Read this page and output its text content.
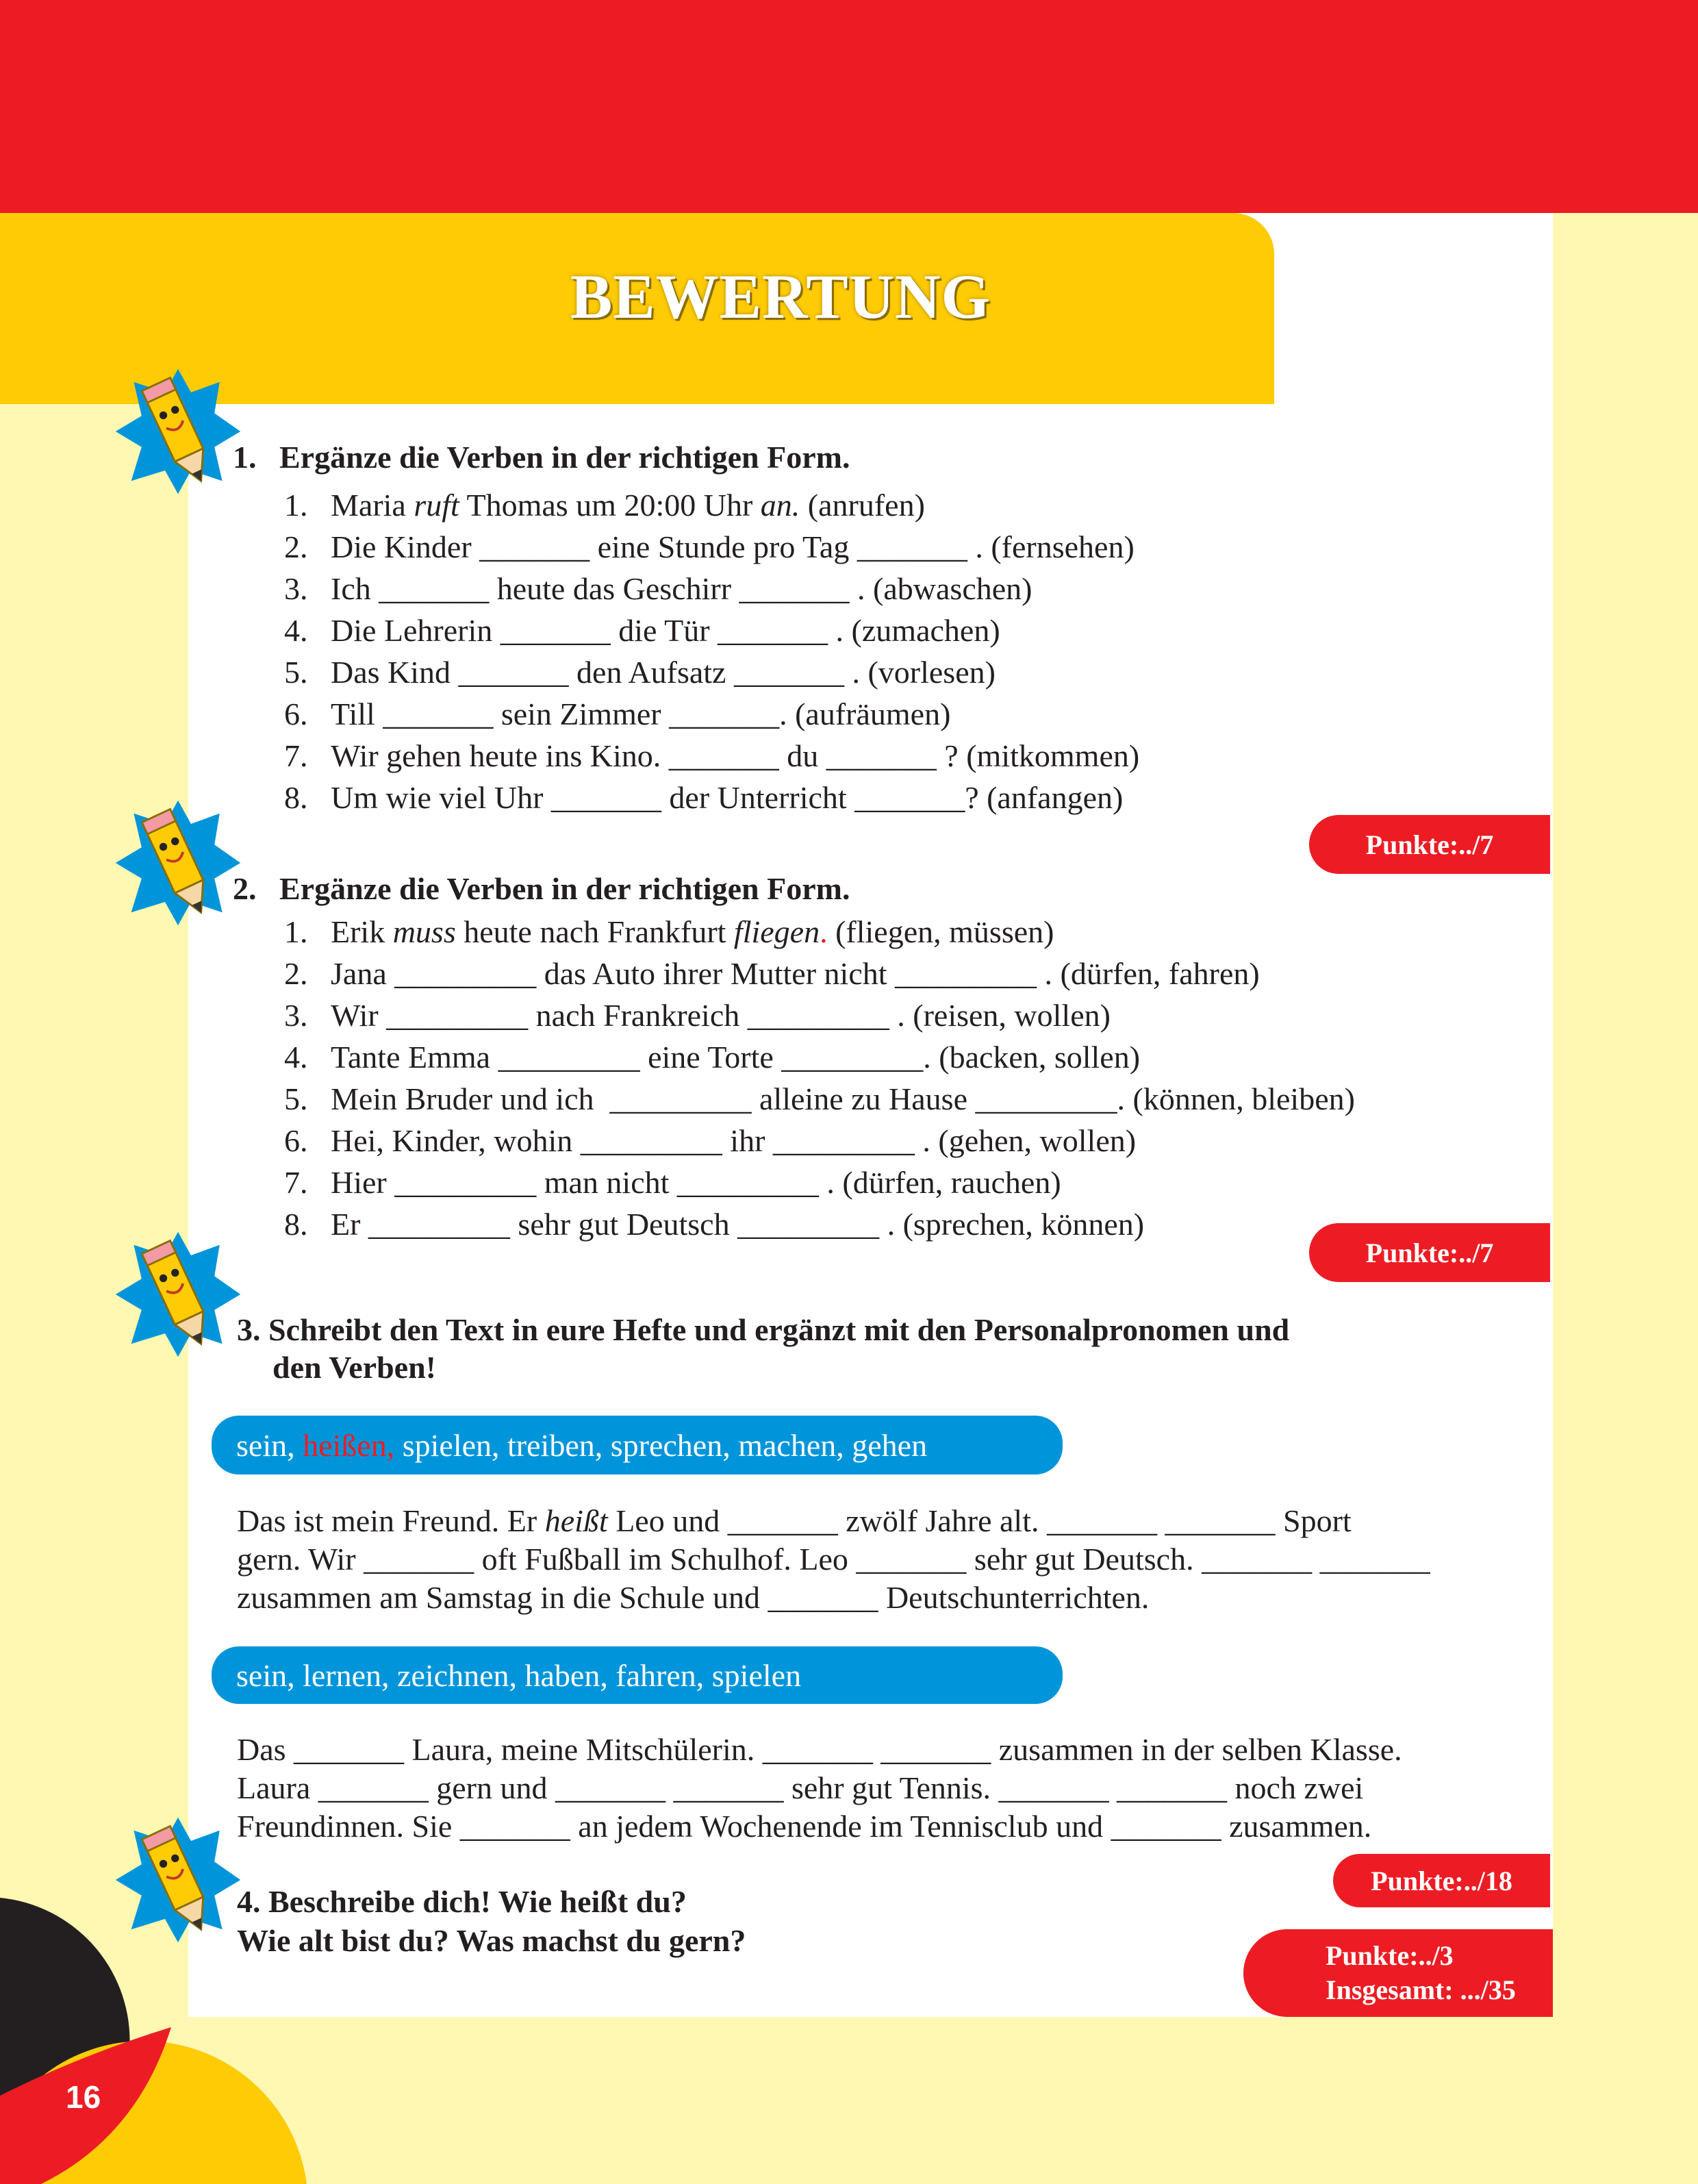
BEWERTUNG
1. Ergänze die Verben in der richtigen Form.
1. Maria ruft Thomas um 20:00 Uhr an. (anrufen)
2. Die Kinder _______ eine Stunde pro Tag _______ . (fernsehen)
3. Ich _______ heute das Geschirr _______ . (abwaschen)
4. Die Lehrerin _______ die Tür _______ . (zumachen)
5. Das Kind _______ den Aufsatz _______ . (vorlesen)
6. Till _______ sein Zimmer _______. (aufräumen)
7. Wir gehen heute ins Kino. _______ du _______ ? (mitkommen)
8. Um wie viel Uhr _______ der Unterricht _______? (anfangen)
Punkte:../7
2. Ergänze die Verben in der richtigen Form.
1. Erik muss heute nach Frankfurt fliegen. (fliegen, müssen)
2. Jana _________ das Auto ihrer Mutter nicht _________ . (dürfen, fahren)
3. Wir _________ nach Frankreich _________ . (reisen, wollen)
4. Tante Emma _________ eine Torte _________. (backen, sollen)
5. Mein Bruder und ich  _________ alleine zu Hause _________. (können, bleiben)
6. Hei, Kinder, wohin _________ ihr _________ . (gehen, wollen)
7. Hier _________ man nicht _________ . (dürfen, rauchen)
8. Er _________ sehr gut Deutsch _________ . (sprechen, können)
Punkte:../7
3. Schreibt den Text in eure Hefte und ergänzt mit den Personalpronomen und
den Verben!
sein, heißen, spielen, treiben, sprechen, machen, gehen
Das ist mein Freund. Er heißt Leo und _______ zwölf Jahre alt. _______ _______ Sport
gern. Wir _______ oft Fußball im Schulhof. Leo _______ sehr gut Deutsch. _______ _______
zusammen am Samstag in die Schule und _______ Deutschunterrichten.
sein, lernen, zeichnen, haben, fahren, spielen
Das _______ Laura, meine Mitschülerin. _______ _______ zusammen in der selben Klasse.
Laura _______ gern und _______ _______ sehr gut Tennis. _______ _______ noch zwei
Freundinnen. Sie _______ an jedem Wochenende im Tennisclub und _______ zusammen.
Punkte:../18
4. Beschreibe dich! Wie heißt du?
Wie alt bist du? Was machst du gern?	Punkte:../3
Insgesamt: .../35
16
